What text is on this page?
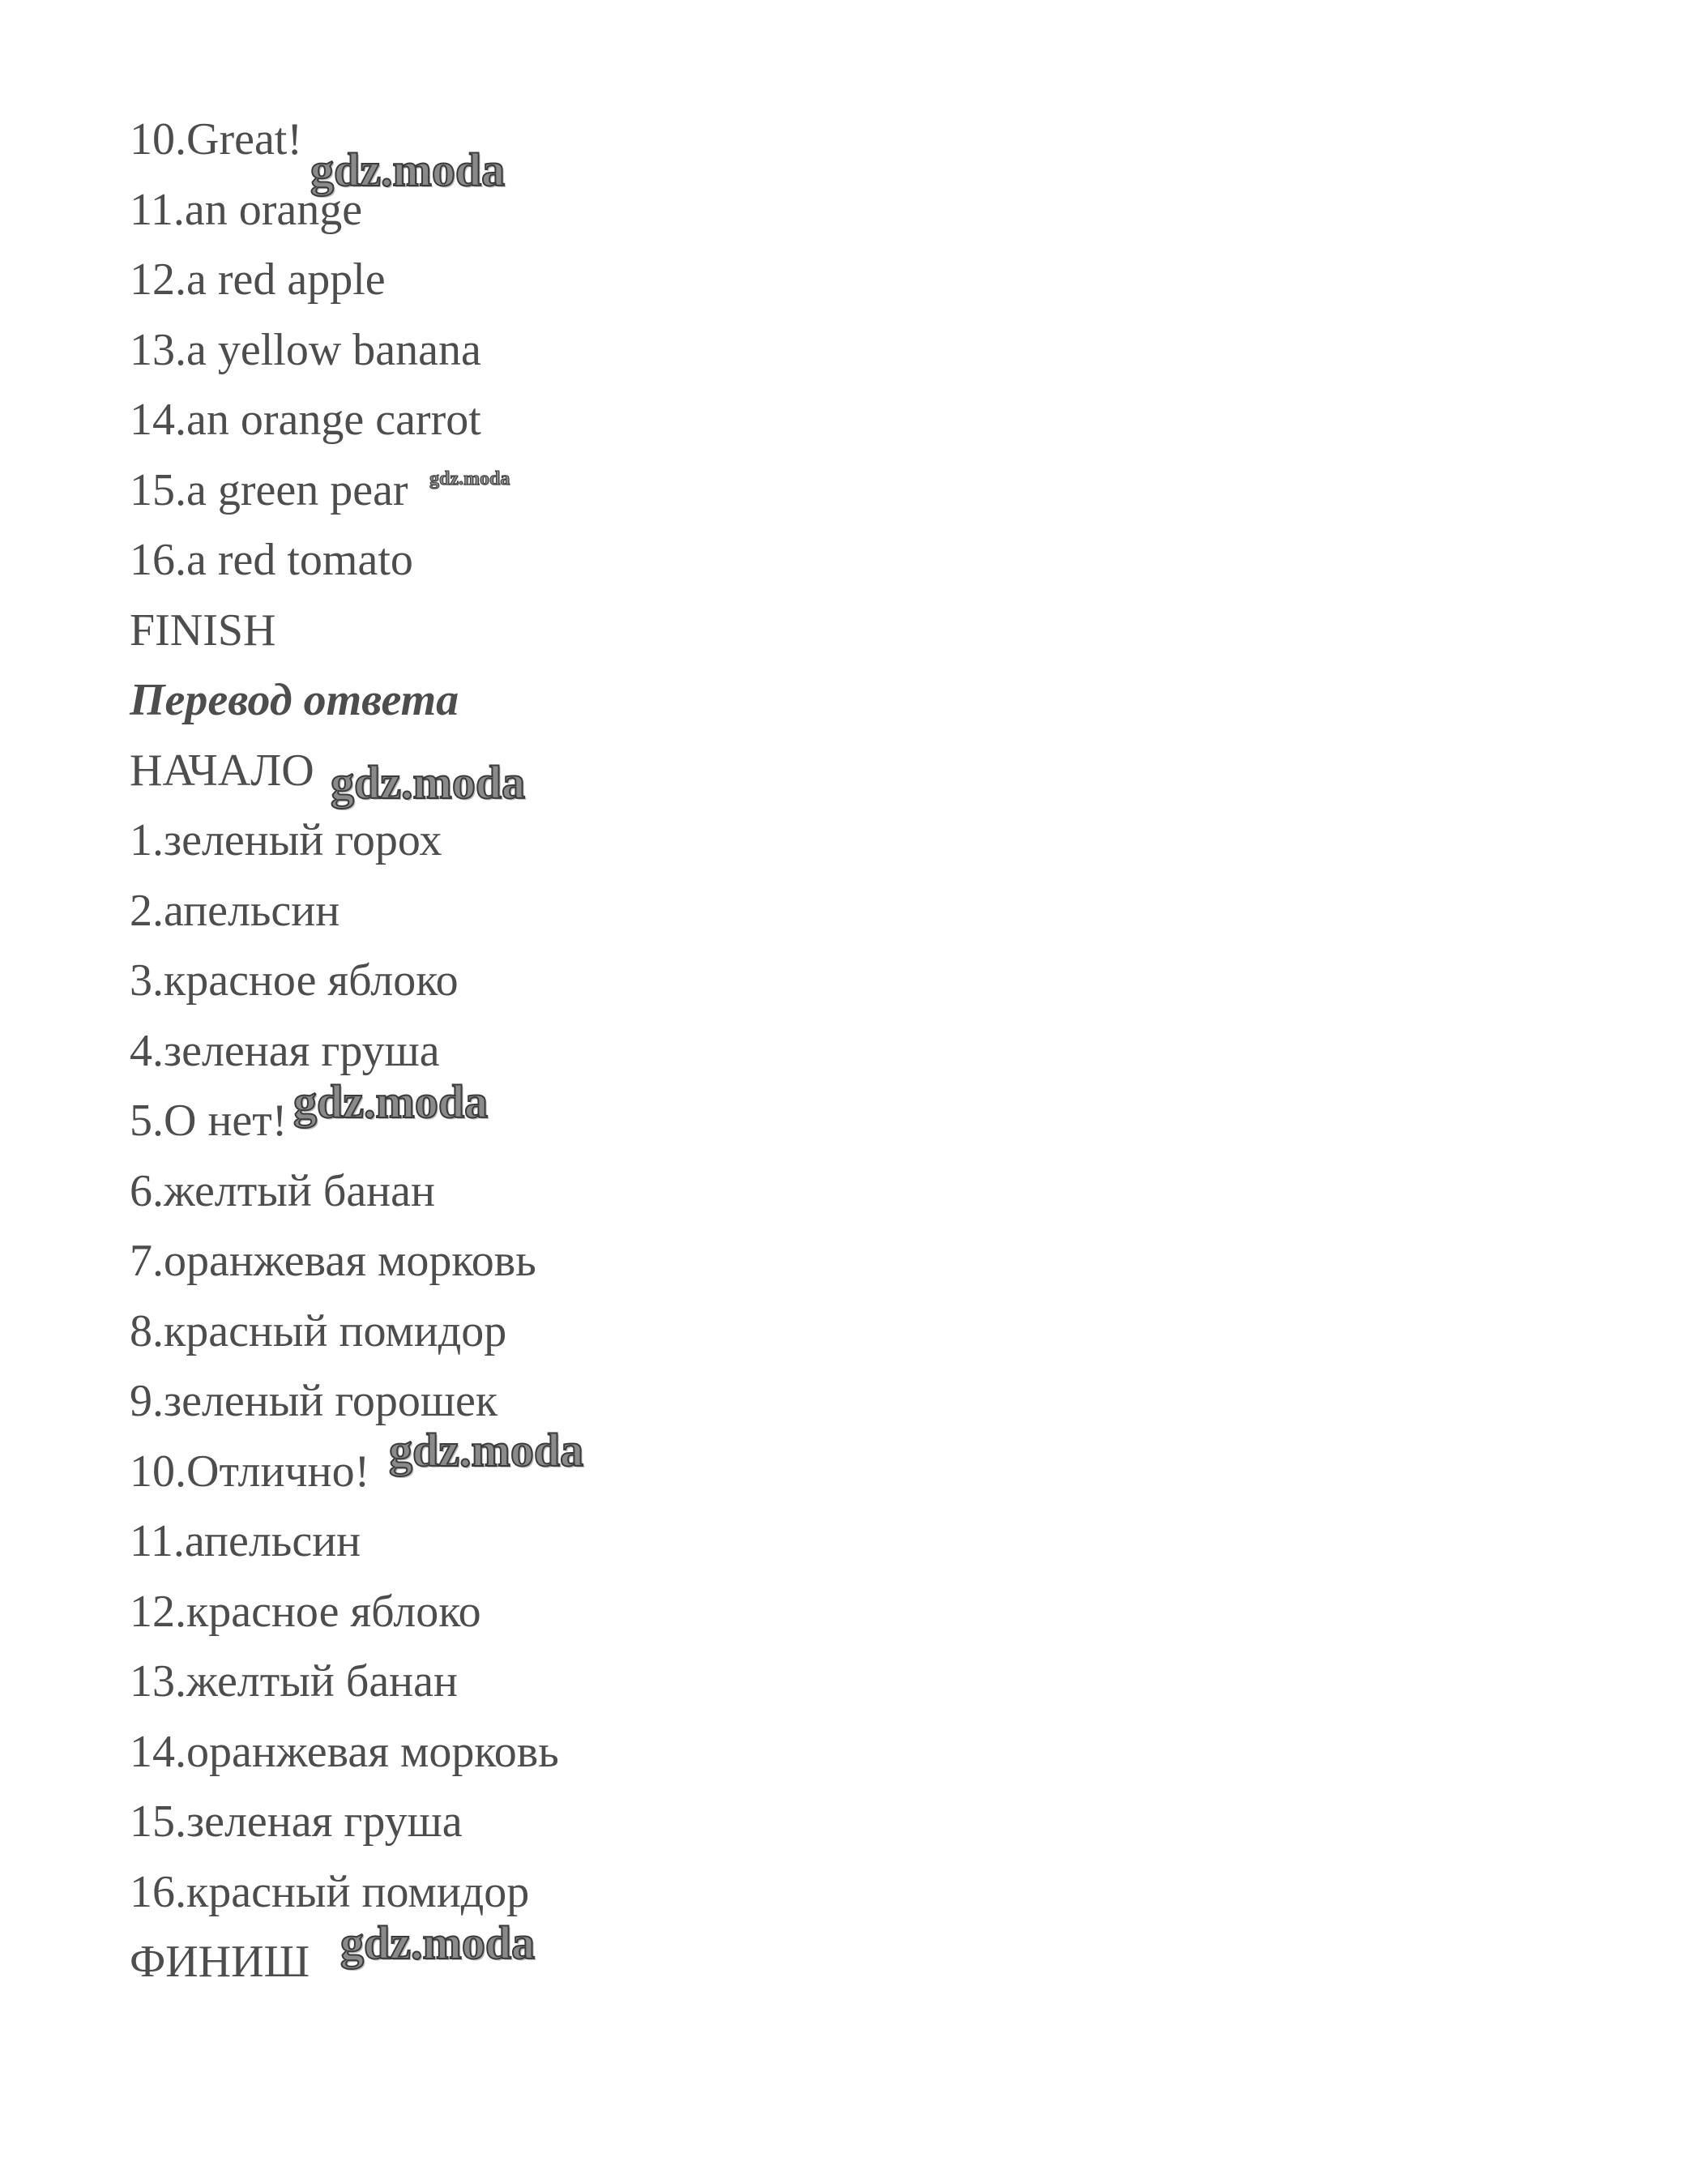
10.Great!
11.an orange
12.a red apple
13.a yellow banana
14.an orange carrot
15.a green pear
16.a red tomato
FINISH
Перевод ответа
НАЧАЛО
1.зеленый горох
2.апельсин
3.красное яблоко
4.зеленая груша
5.О нет!
6.желтый банан
7.оранжевая морковь
8.красный помидор
9.зеленый горошек
10.Отлично!
11.апельсин
12.красное яблоко
13.желтый банан
14.оранжевая морковь
15.зеленая груша
16.красный помидор
ФИНИШ
gdz.moda
gdz.moda
gdz.moda
gdz.moda
gdz.moda
gdz.moda
